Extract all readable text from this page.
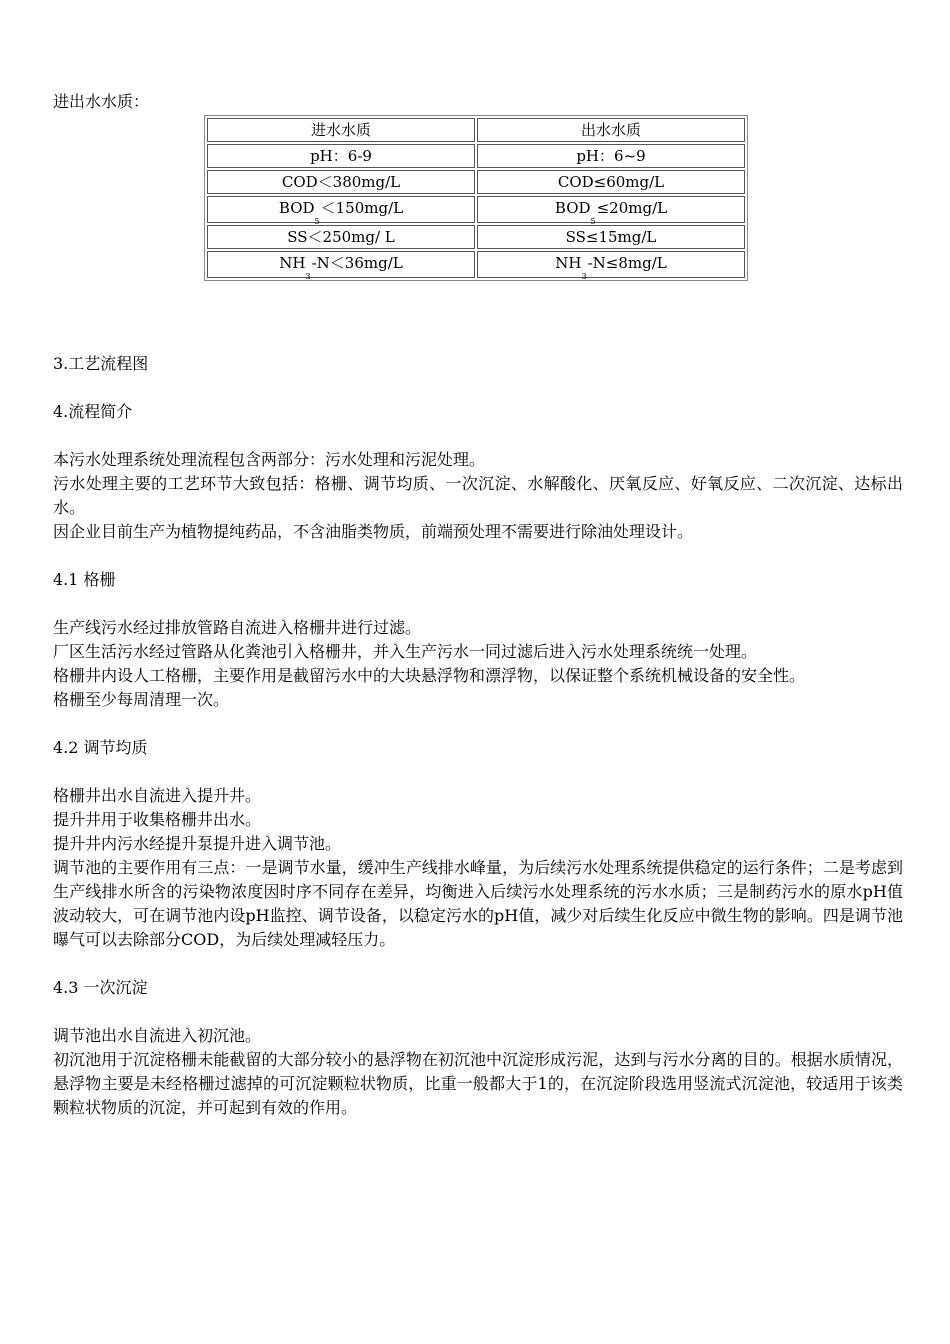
进出水水质：
进水水质	出水水质
pH：6-9	pH：6~9
COD＜380mg/L	COD≤60mg/L
$BOD_5<150mg/L$	$BOD_5\le 20mg/L$
SS＜250mg/ L	SS≤15mg/L
$NH_3-N<36mg/L$	$NH_3-N\le 8mg/L$
3.工艺流程图
4.流程简介
本污水处理系统处理流程包含两部分：污水处理和污泥处理。
污水处理主要的工艺环节大致包括：格栅、调节均质、一次沉淀、水解酸化、厌氧反应、好氧反应、二次沉淀、达标出水。
因企业目前生产为植物提纯药品，不含油脂类物质，前端预处理不需要进行除油处理设计。
4.1 格栅
生产线污水经过排放管路自流进入格栅井进行过滤。
厂区生活污水经过管路从化粪池引入格栅井，并入生产污水一同过滤后进入污水处理系统统一处理。
格栅井内设人工格栅，主要作用是截留污水中的大块悬浮物和漂浮物，以保证整个系统机械设备的安全性。
格栅至少每周清理一次。
4.2 调节均质
格栅井出水自流进入提升井。
提升井用于收集格栅井出水。
提升井内污水经提升泵提升进入调节池。
调节池的主要作用有三点：一是调节水量，缓冲生产线排水峰量，为后续污水处理系统提供稳定的运行条件；二是考虑到生产线排水所含的污染物浓度因时序不同存在差异，均衡进入后续污水处理系统的污水水质；三是制药污水的原水pH值波动较大，可在调节池内设pH监控、调节设备，以稳定污水的pH值，减少对后续生化反应中微生物的影响。四是调节池曝气可以去除部分COD，为后续处理减轻压力。
4.3 一次沉淀
调节池出水自流进入初沉池。
初沉池用于沉淀格栅未能截留的大部分较小的悬浮物在初沉池中沉淀形成污泥，达到与污水分离的目的。根据水质情况，悬浮物主要是未经格栅过滤掉的可沉淀颗粒状物质，比重一般都大于1的，在沉淀阶段选用竖流式沉淀池，较适用于该类颗粒状物质的沉淀，并可起到有效的作用。
